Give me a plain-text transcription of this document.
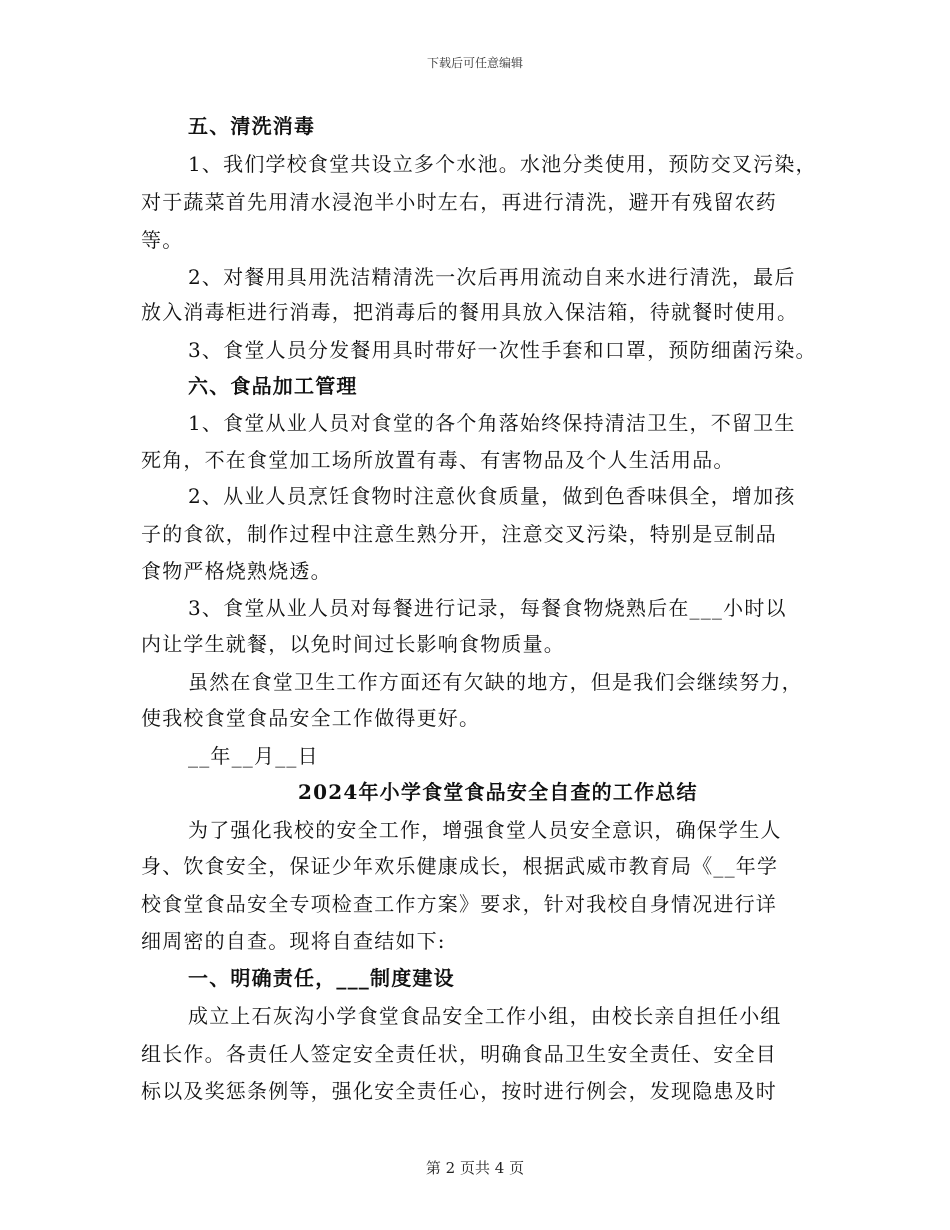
下载后可任意编辑
五、清洗消毒
1、我们学校食堂共设立多个水池。水池分类使用，预防交叉污染，
对于蔬菜首先用清水浸泡半小时左右，再进行清洗，避开有残留农药
等。
2、对餐用具用洗洁精清洗一次后再用流动自来水进行清洗，最后
放入消毒柜进行消毒，把消毒后的餐用具放入保洁箱，待就餐时使用。
3、食堂人员分发餐用具时带好一次性手套和口罩，预防细菌污染。
六、食品加工管理
1、食堂从业人员对食堂的各个角落始终保持清洁卫生，不留卫生
死角，不在食堂加工场所放置有毒、有害物品及个人生活用品。
2、从业人员烹饪食物时注意伙食质量，做到色香味俱全，增加孩
子的食欲，制作过程中注意生熟分开，注意交叉污染，特别是豆制品
食物严格烧熟烧透。
3、食堂从业人员对每餐进行记录，每餐食物烧熟后在___小时以
内让学生就餐，以免时间过长影响食物质量。
虽然在食堂卫生工作方面还有欠缺的地方，但是我们会继续努力，
使我校食堂食品安全工作做得更好。
__年__月__日
2024年小学食堂食品安全自查的工作总结
为了强化我校的安全工作，增强食堂人员安全意识，确保学生人
身、饮食安全，保证少年欢乐健康成长，根据武威市教育局《__年学
校食堂食品安全专项检查工作方案》要求，针对我校自身情况进行详
细周密的自查。现将自查结如下:
一、明确责任，___制度建设
成立上石灰沟小学食堂食品安全工作小组，由校长亲自担任小组
组长作。各责任人签定安全责任状，明确食品卫生安全责任、安全目
标以及奖惩条例等，强化安全责任心，按时进行例会，发现隐患及时
第 2 页共 4 页
